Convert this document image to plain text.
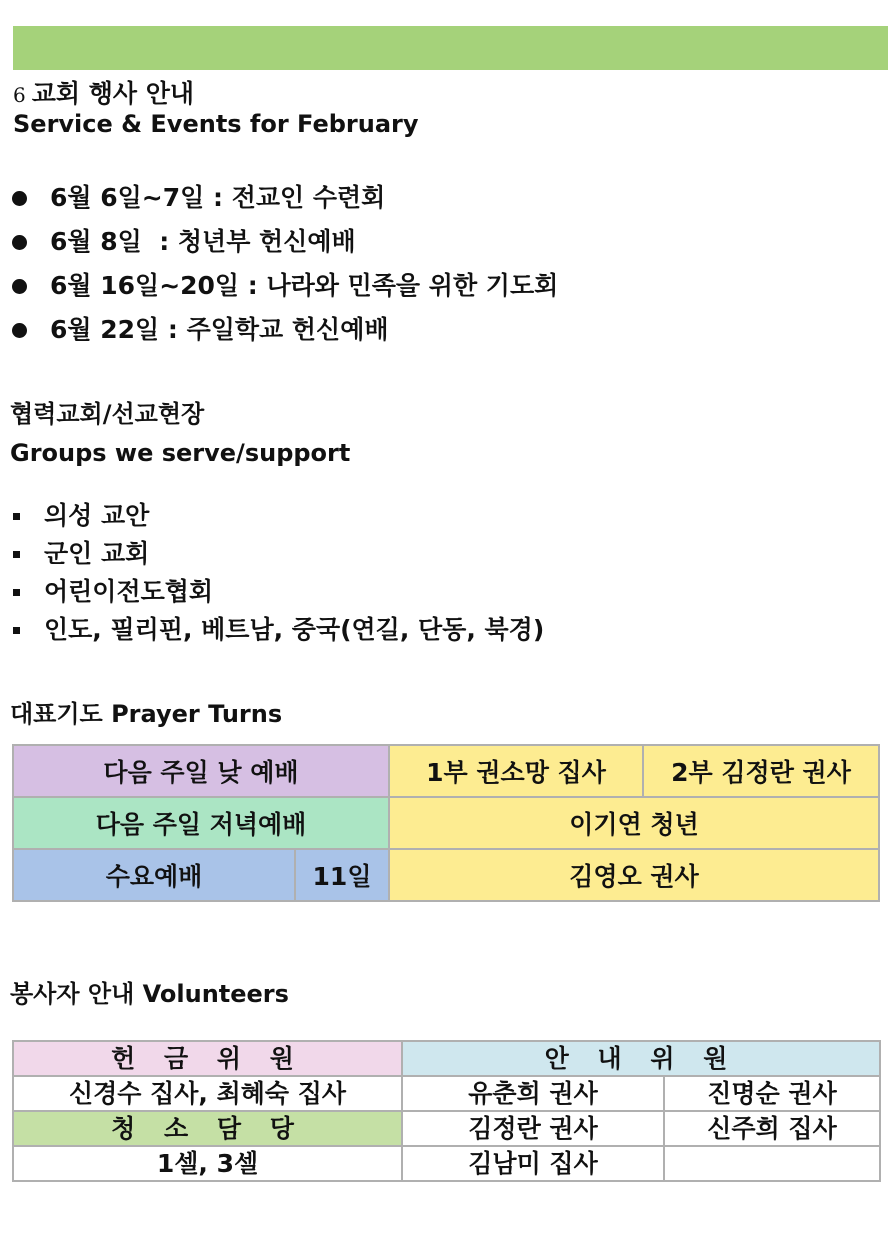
6 교회 행사 안내
Service & Events for February
6월 6일~7일 : 전교인 수련회
6월 8일  : 청년부 헌신예배
6월 16일~20일 : 나라와 민족을 위한 기도회
6월 22일 : 주일학교 헌신예배
협력교회/선교현장
Groups we serve/support
의성 교안
군인 교회
어린이전도협회
인도, 필리핀, 베트남, 중국(연길, 단동, 북경)
대표기도 Prayer Turns
다음 주일 낮 예배		1부 권소망 집사	2부 김정란 권사
다음 주일 저녁예배		이기연 청년	
수요예배	11일	김영오 권사	
봉사자 안내 Volunteers
헌 금 위 원	안 내 위 원	
신경수 집사, 최혜숙 집사	유춘희 권사	진명순 권사
청 소 담 당	김정란 권사	신주희 집사
1셀, 3셀	김남미 집사	
